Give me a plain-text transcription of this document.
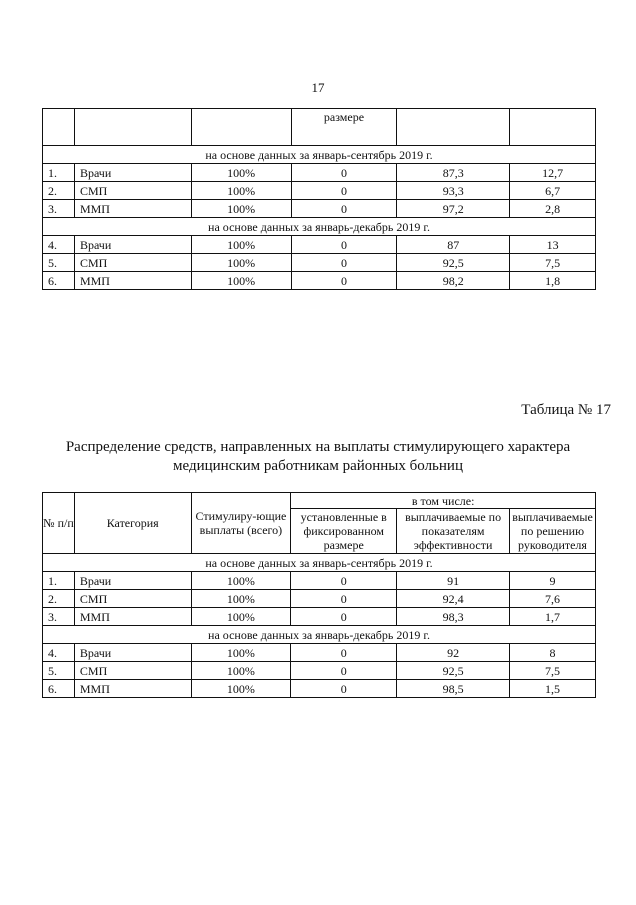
17
			размере		
на основе данных за январь-сентябрь 2019 г.					
1.	Врачи	100%	0	87,3	12,7
2.	СМП	100%	0	93,3	6,7
3.	ММП	100%	0	97,2	2,8
на основе данных за январь-декабрь 2019 г.					
4.	Врачи	100%	0	87	13
5.	СМП	100%	0	92,5	7,5
6.	ММП	100%	0	98,2	1,8
Таблица № 17
Распределение средств, направленных на выплаты стимулирующего характера
медицинским работникам районных больниц
№ п/п	Категория	Стимулиру-ющие выплаты (всего)	в том числе:		
			установленные в фиксированном размере	выплачиваемые по показателям эффективности	выплачиваемые по решению руководителя
на основе данных за январь-сентябрь 2019 г.					
1.	Врачи	100%	0	91	9
2.	СМП	100%	0	92,4	7,6
3.	ММП	100%	0	98,3	1,7
на основе данных за январь-декабрь 2019 г.					
4.	Врачи	100%	0	92	8
5.	СМП	100%	0	92,5	7,5
6.	ММП	100%	0	98,5	1,5
